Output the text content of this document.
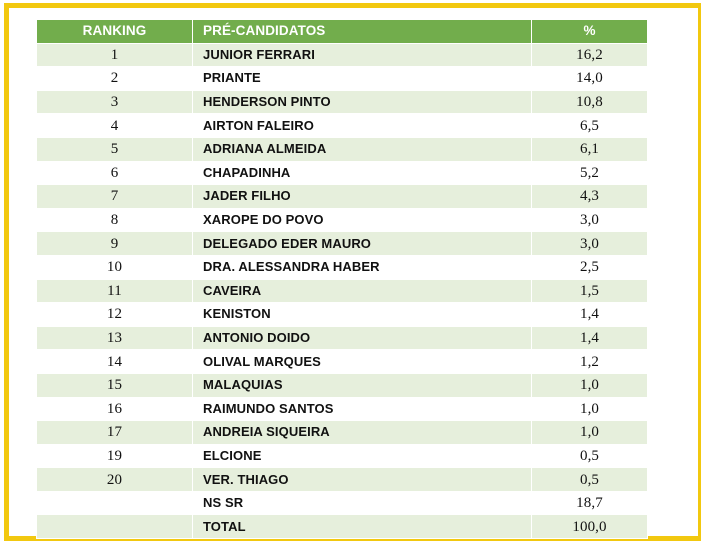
RANKING	PRÉ-CANDIDATOS	%
1	JUNIOR FERRARI	16,2
2	PRIANTE	14,0
3	HENDERSON PINTO	10,8
4	AIRTON FALEIRO	6,5
5	ADRIANA ALMEIDA	6,1
6	CHAPADINHA	5,2
7	JADER FILHO	4,3
8	XAROPE DO POVO	3,0
9	DELEGADO EDER MAURO	3,0
10	DRA. ALESSANDRA HABER	2,5
11	CAVEIRA	1,5
12	KENISTON	1,4
13	ANTONIO DOIDO	1,4
14	OLIVAL MARQUES	1,2
15	MALAQUIAS	1,0
16	RAIMUNDO SANTOS	1,0
17	ANDREIA SIQUEIRA	1,0
19	ELCIONE	0,5
20	VER. THIAGO	0,5
	NS SR	18,7
	TOTAL	100,0
